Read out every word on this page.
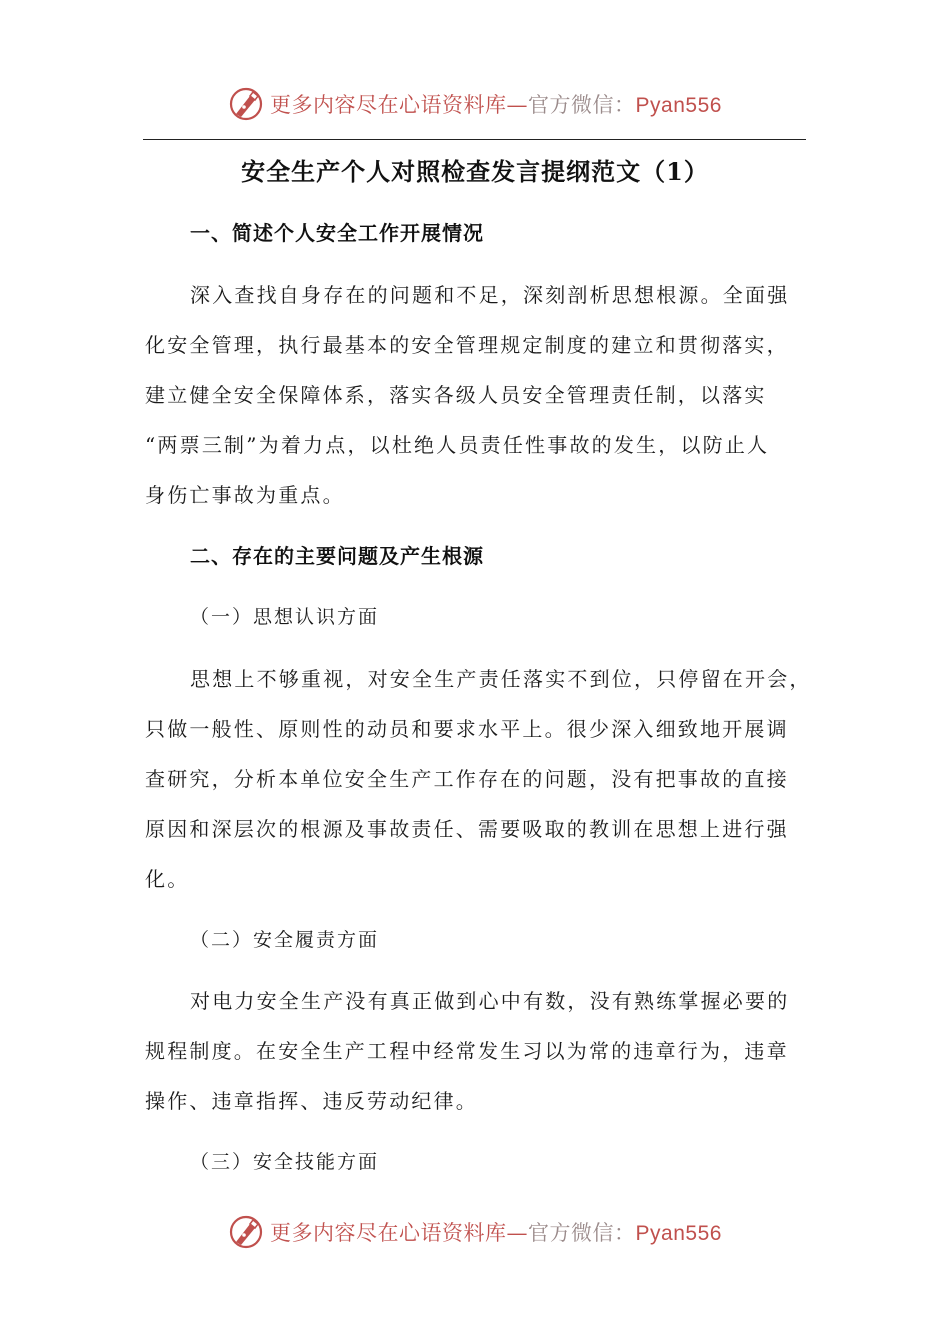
更多内容尽在心语资料库—官方微信：Pyan556
安全生产个人对照检查发言提纲范文（1）
一、简述个人安全工作开展情况
深入查找自身存在的问题和不足，深刻剖析思想根源。全面强
化安全管理，执行最基本的安全管理规定制度的建立和贯彻落实，
建立健全安全保障体系，落实各级人员安全管理责任制，以落实
“两票三制”为着力点，以杜绝人员责任性事故的发生，以防止人
身伤亡事故为重点。
二、存在的主要问题及产生根源
（一）思想认识方面
思想上不够重视，对安全生产责任落实不到位，只停留在开会，
只做一般性、原则性的动员和要求水平上。很少深入细致地开展调
查研究，分析本单位安全生产工作存在的问题，没有把事故的直接
原因和深层次的根源及事故责任、需要吸取的教训在思想上进行强
化。
（二）安全履责方面
对电力安全生产没有真正做到心中有数，没有熟练掌握必要的
规程制度。在安全生产工程中经常发生习以为常的违章行为，违章
操作、违章指挥、违反劳动纪律。
（三）安全技能方面
更多内容尽在心语资料库—官方微信：Pyan556
